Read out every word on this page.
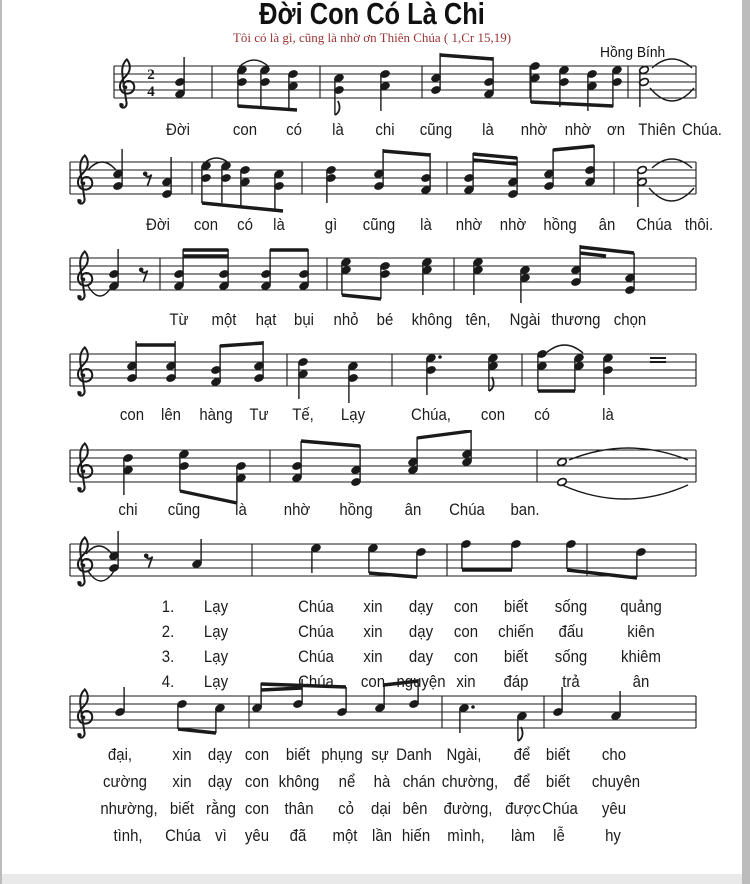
Đời Con Có Là Chi
Tôi có là gì, cũng là nhờ ơn Thiên Chúa ( 1,Cr 15,19)
Hồng Bính
2
4
Đời	con có là chi cũng là nhờ nhờ ơn Thiên Chúa.
Đời con có là gì cũng là nhờ nhờ hồng ân Chúa thôi.
Từ một hạt bụi nhỏ bé không tên, Ngài thương chọn
con lên hàng Tư Tế, Lạy	Chúa, con có	là
chi cũng là nhờ hồng ân Chúa ban.
1. Lạy	Chúa xin dạy con biết sống quảng
2. Lạy	Chúa xin dạy con chiến đấu	kiên
3. Lạy	Chúa xin day con biết sống khiêm
4. Lạy	Chúa con nguyện xin đáp trả	ân
đại, xin dạy con biết phụng sự Danh Ngài, để biết cho
cường xin dạy con không nể hà chán chường, để biết chuyên
nhường, biết rằng con thân cỏ dại bên đường, được Chúa yêu
tình, Chúa vì yêu đã một lần hiến mình, làm lễ hy
